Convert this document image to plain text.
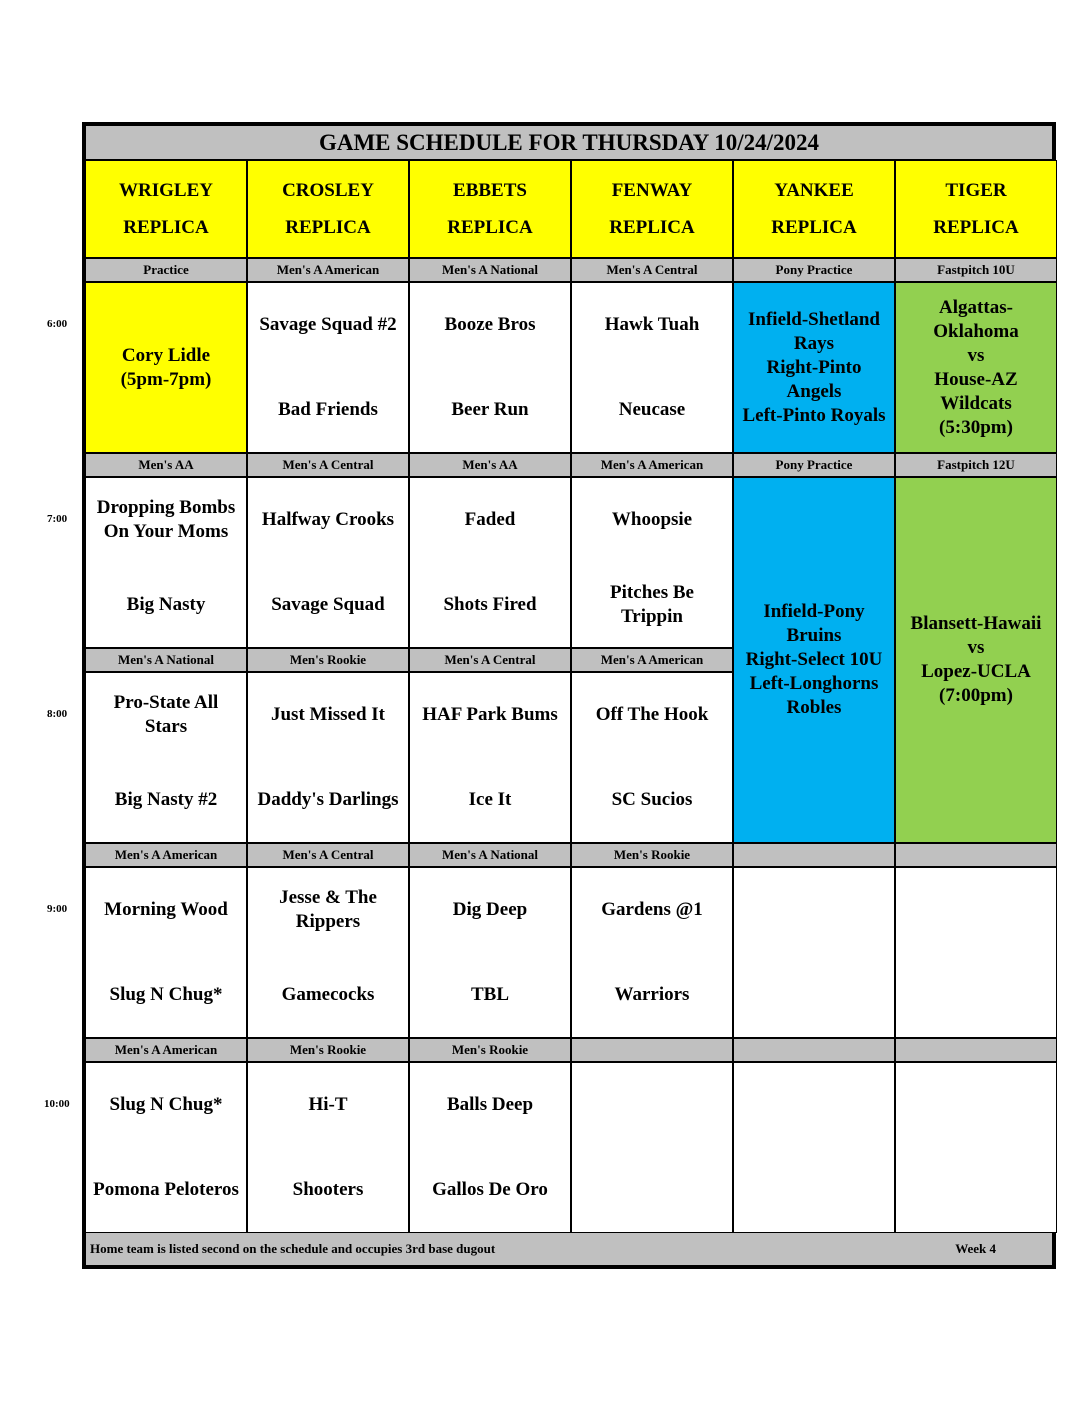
GAME SCHEDULE FOR THURSDAY 10/24/2024
WRIGLEY
REPLICA
CROSLEY
REPLICA
EBBETS
REPLICA
FENWAY
REPLICA
YANKEE
REPLICA
TIGER
REPLICA
Practice
Cory Lidle
(5pm-7pm)
Men's A American
Savage Squad #2
Bad Friends
Men's A National
Booze Bros
Beer Run
Men's A Central
Hawk Tuah
Neucase
Pony Practice
Infield-Shetland
Rays
Right-Pinto
Angels
Left-Pinto Royals
Fastpitch 10U
Algattas-
Oklahoma
vs
House-AZ
Wildcats
(5:30pm)
Men's AA
Dropping Bombs
On Your Moms
Big Nasty
Men's A Central
Halfway Crooks
Savage Squad
Men's AA
Faded
Shots Fired
Men's A American
Whoopsie
Pitches Be
Trippin
Pony Practice
Infield-Pony
Bruins
Right-Select 10U
Left-Longhorns
Robles
Fastpitch 12U
Blansett-Hawaii
vs
Lopez-UCLA
(7:00pm)
Men's A National
Pro-State All
Stars
Big Nasty #2
Men's Rookie
Just Missed It
Daddy's Darlings
Men's A Central
HAF Park Bums
Ice It
Men's A American
Off The Hook
SC Sucios
Men's A American
Morning Wood
Slug N Chug*
Men's A Central
Jesse & The
Rippers
Gamecocks
Men's A National
Dig Deep
TBL
Men's Rookie
Gardens @1
Warriors
Men's A American
Slug N Chug*
Pomona Peloteros
Men's Rookie
Hi-T
Shooters
Men's Rookie
Balls Deep
Gallos De Oro
Home team is listed second on the schedule and occupies 3rd base dugout	Week 4
6:00
7:00
8:00
9:00
10:00
